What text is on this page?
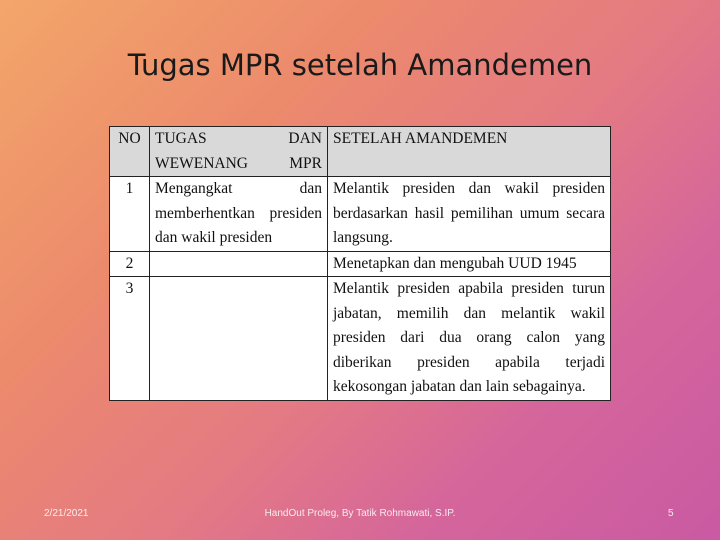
Tugas MPR setelah Amandemen
NO	TUGAS DAN WEWENANG MPR	SETELAH AMANDEMEN
1	Mengangkat dan memberhentkan presiden dan wakil presiden	Melantik presiden dan wakil presiden berdasarkan hasil pemilihan umum secara langsung.
2		Menetapkan dan mengubah UUD 1945
3		Melantik presiden apabila presiden turun jabatan, memilih dan melantik wakil presiden dari dua orang calon yang diberikan presiden apabila terjadi kekosongan jabatan dan lain sebagainya.
2/21/2021	HandOut Proleg, By Tatik Rohmawati, S.IP.	5
